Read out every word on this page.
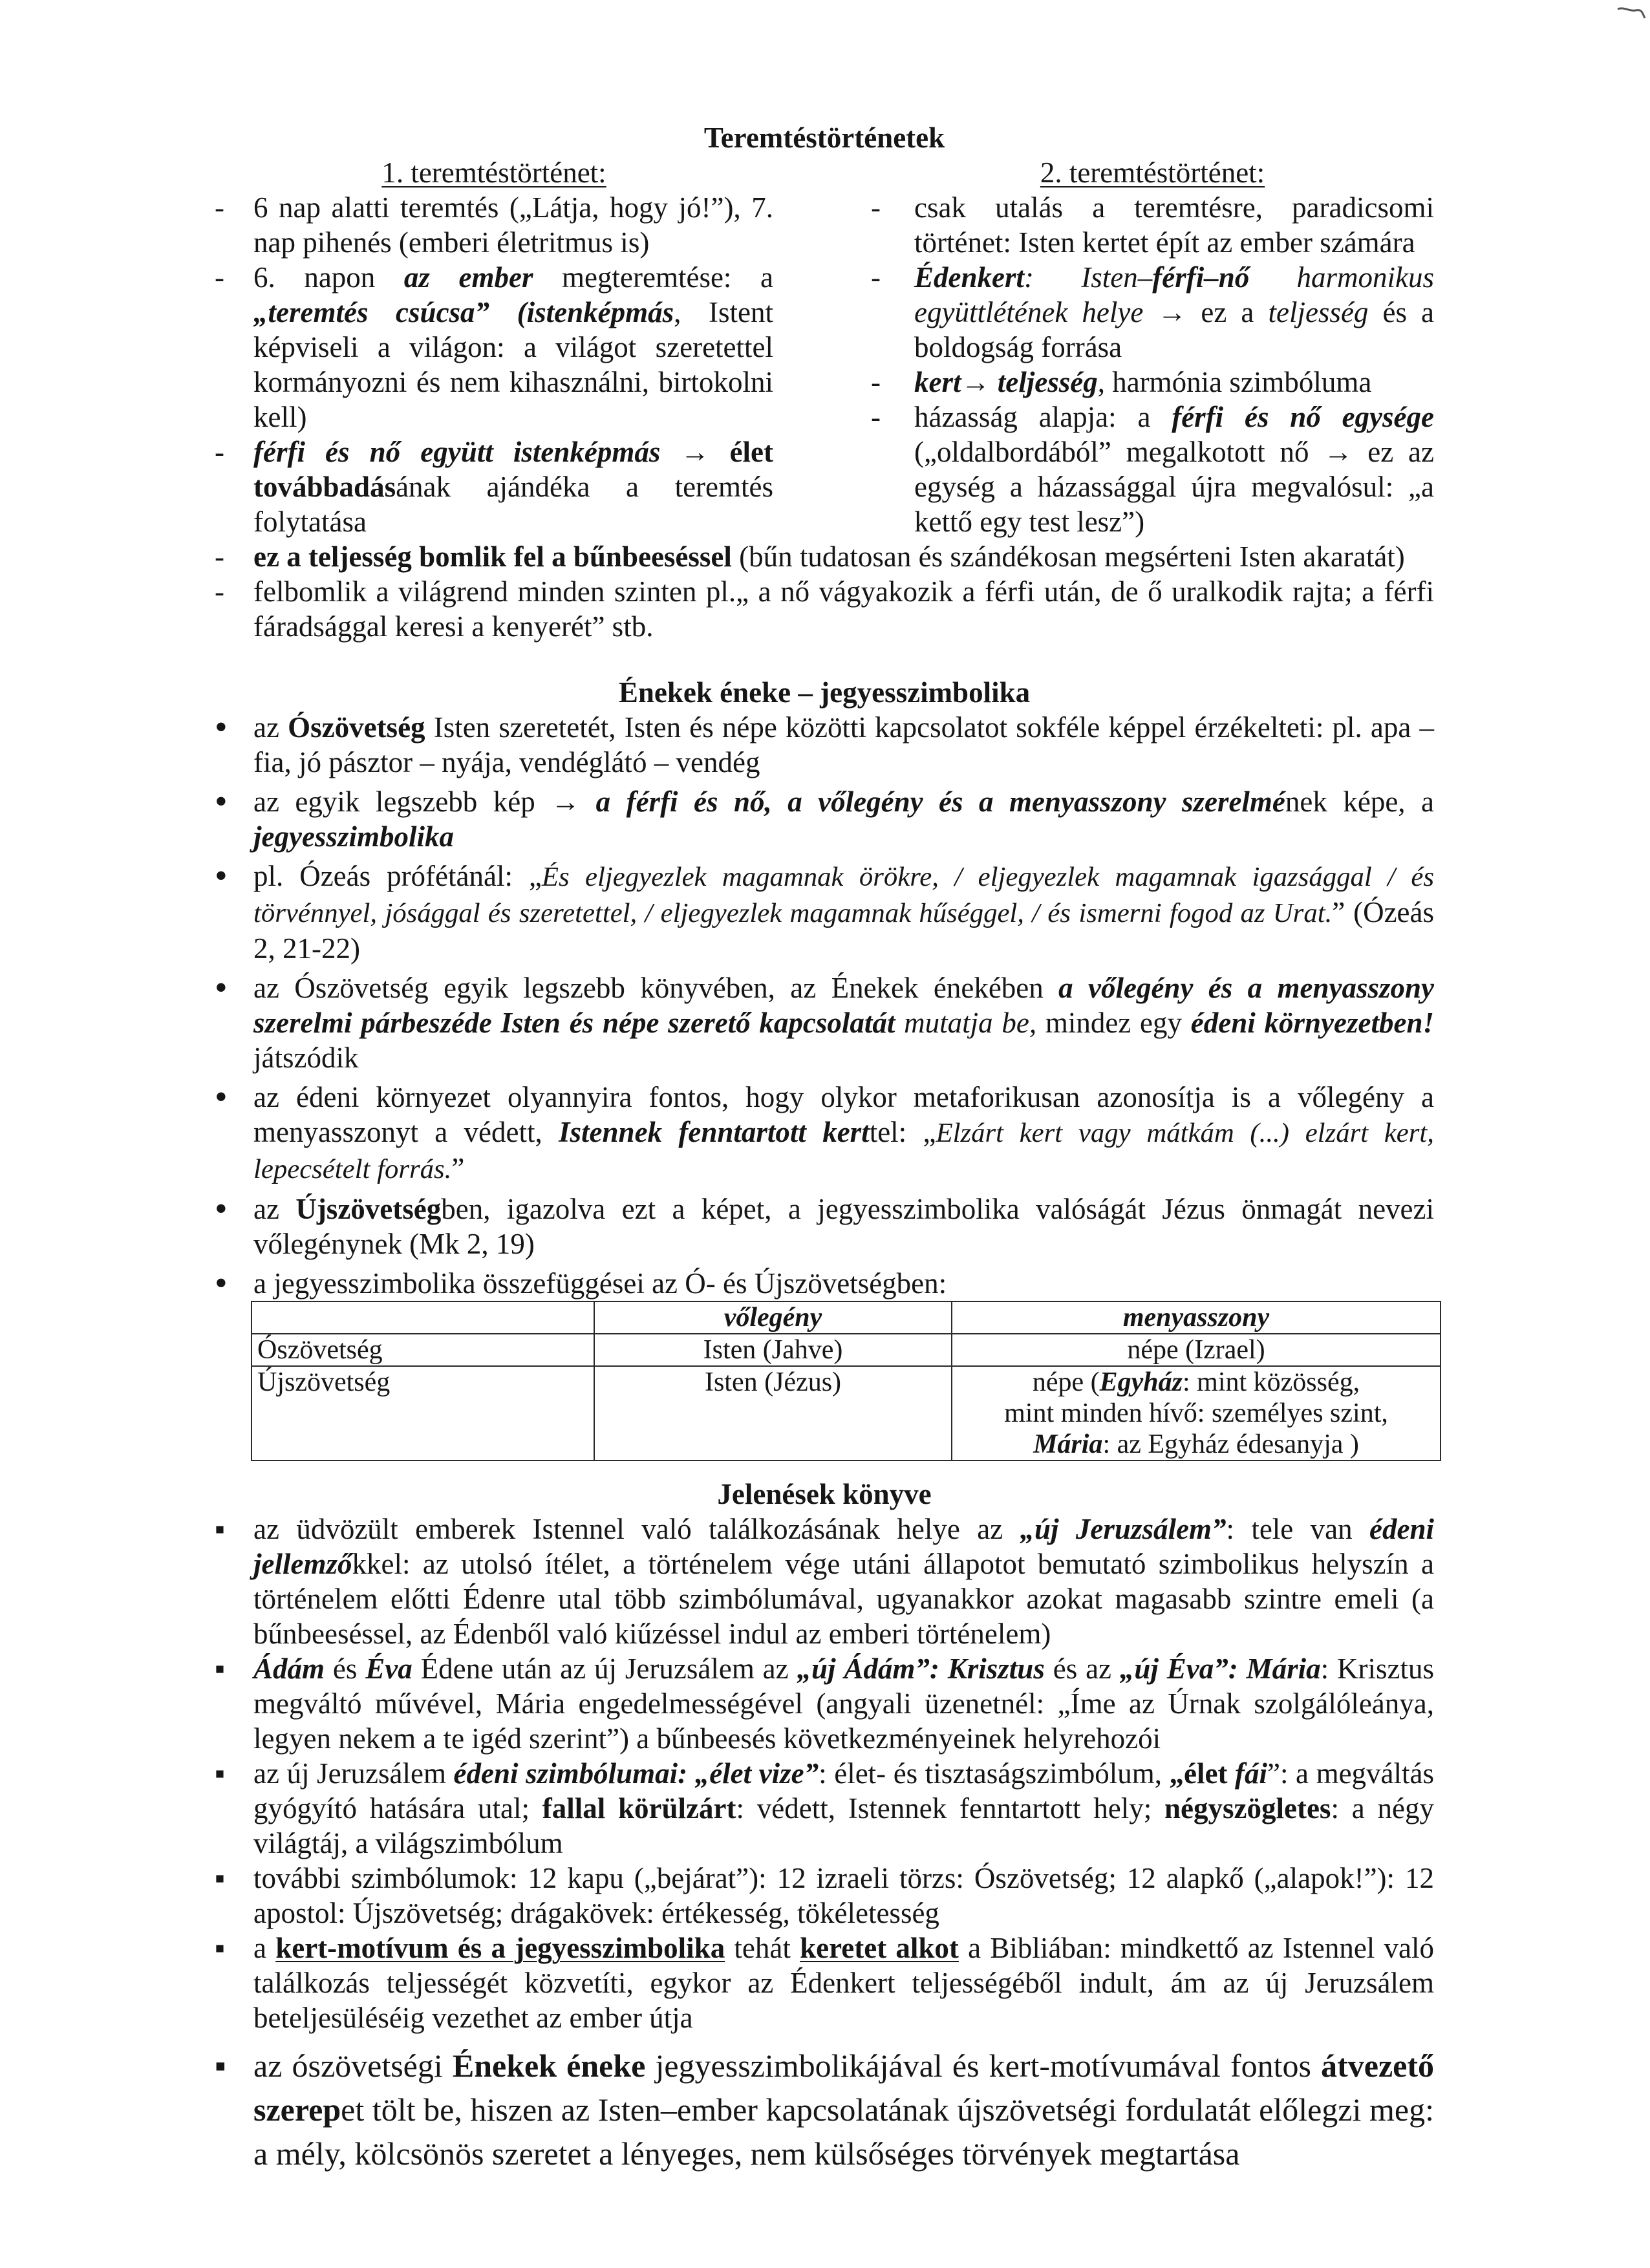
Teremtéstörténetek
1. teremtéstörténet:
- 6 nap alatti teremtés („Látja, hogy jó!”), 7. nap pihenés (emberi életritmus is)
- 6. napon az ember megteremtése: a „teremtés csúcsa” (istenképmás, Istent képviseli a világon: a világot szeretettel kormányozni és nem kihasználni, birtokolni kell)
- férfi és nő együtt istenképmás → élet továbbadásának ajándéka a teremtés folytatása
2. teremtéstörténet:
- csak utalás a teremtésre, paradicsomi történet: Isten kertet épít az ember számára
- Édenkert: Isten–férfi–nő harmonikus együttlétének helye → ez a teljesség és a boldogság forrása
- kert→ teljesség, harmónia szimbóluma
- házasság alapja: a férfi és nő egysége („oldalbordából” megalkotott nő → ez az egység a házassággal újra megvalósul: „a kettő egy test lesz”)
- ez a teljesség bomlik fel a bűnbeeséssel (bűn tudatosan és szándékosan megsérteni Isten akaratát)
- felbomlik a világrend minden szinten pl.„ a nő vágyakozik a férfi után, de ő uralkodik rajta; a férfi fáradsággal keresi a kenyerét” stb.
Énekek éneke – jegyesszimbolika
• az Ószövetség Isten szeretetét, Isten és népe közötti kapcsolatot sokféle képpel érzékelteti: pl. apa – fia, jó pásztor – nyája, vendéglátó – vendég
• az egyik legszebb kép → a férfi és nő, a vőlegény és a menyasszony szerelmének képe, a jegyesszimbolika
• pl. Ózeás prófétánál: „És eljegyezlek magamnak örökre, / eljegyezlek magamnak igazsággal / és törvénnyel, jósággal és szeretettel, / eljegyezlek magamnak hűséggel, / és ismerni fogod az Urat.” (Ózeás 2, 21-22)
• az Ószövetség egyik legszebb könyvében, az Énekek énekében a vőlegény és a menyasszony szerelmi párbeszéde Isten és népe szerető kapcsolatát mutatja be, mindez egy édeni környezetben! játszódik
• az édeni környezet olyannyira fontos, hogy olykor metaforikusan azonosítja is a vőlegény a menyasszonyt a védett, Istennek fenntartott kerttel: „Elzárt kert vagy mátkám (...) elzárt kert, lepecsételt forrás.”
• az Újszövetségben, igazolva ezt a képet, a jegyesszimbolika valóságát Jézus önmagát nevezi vőlegénynek (Mk 2, 19)
• a jegyesszimbolika összefüggései az Ó- és Újszövetségben:
	vőlegény	menyasszony
Ószövetség	Isten (Jahve)	népe (Izrael)
Újszövetség	Isten (Jézus)	népe (Egyház: mint közösség,
mint minden hívő: személyes szint,
Mária: az Egyház édesanyja )
Jelenések könyve
▪ az üdvözült emberek Istennel való találkozásának helye az „új Jeruzsálem”: tele van édeni jellemzőkkel: az utolsó ítélet, a történelem vége utáni állapotot bemutató szimbolikus helyszín a történelem előtti Édenre utal több szimbólumával, ugyanakkor azokat magasabb szintre emeli (a bűnbeeséssel, az Édenből való kiűzéssel indul az emberi történelem)
▪ Ádám és Éva Édene után az új Jeruzsálem az „új Ádám”: Krisztus és az „új Éva”: Mária: Krisztus megváltó művével, Mária engedelmességével (angyali üzenetnél: „Íme az Úrnak szolgálóleánya, legyen nekem a te igéd szerint”) a bűnbeesés következményeinek helyrehozói
▪ az új Jeruzsálem édeni szimbólumai: „élet vize”: élet- és tisztaságszimbólum, „élet fái”: a megváltás gyógyító hatására utal; fallal körülzárt: védett, Istennek fenntartott hely; négyszögletes: a négy világtáj, a világszimbólum
▪ további szimbólumok: 12 kapu („bejárat”): 12 izraeli törzs: Ószövetség; 12 alapkő („alapok!”): 12 apostol: Újszövetség; drágakövek: értékesség, tökéletesség
▪ a kert-motívum és a jegyesszimbolika tehát keretet alkot a Bibliában: mindkettő az Istennel való találkozás teljességét közvetíti, egykor az Édenkert teljességéből indult, ám az új Jeruzsálem beteljesüléséig vezethet az ember útja
▪ az ószövetségi Énekek éneke jegyesszimbolikájával és kert-motívumával fontos átvezető szerepet tölt be, hiszen az Isten–ember kapcsolatának újszövetségi fordulatát előlegzi meg: a mély, kölcsönös szeretet a lényeges, nem külsőséges törvények megtartása
